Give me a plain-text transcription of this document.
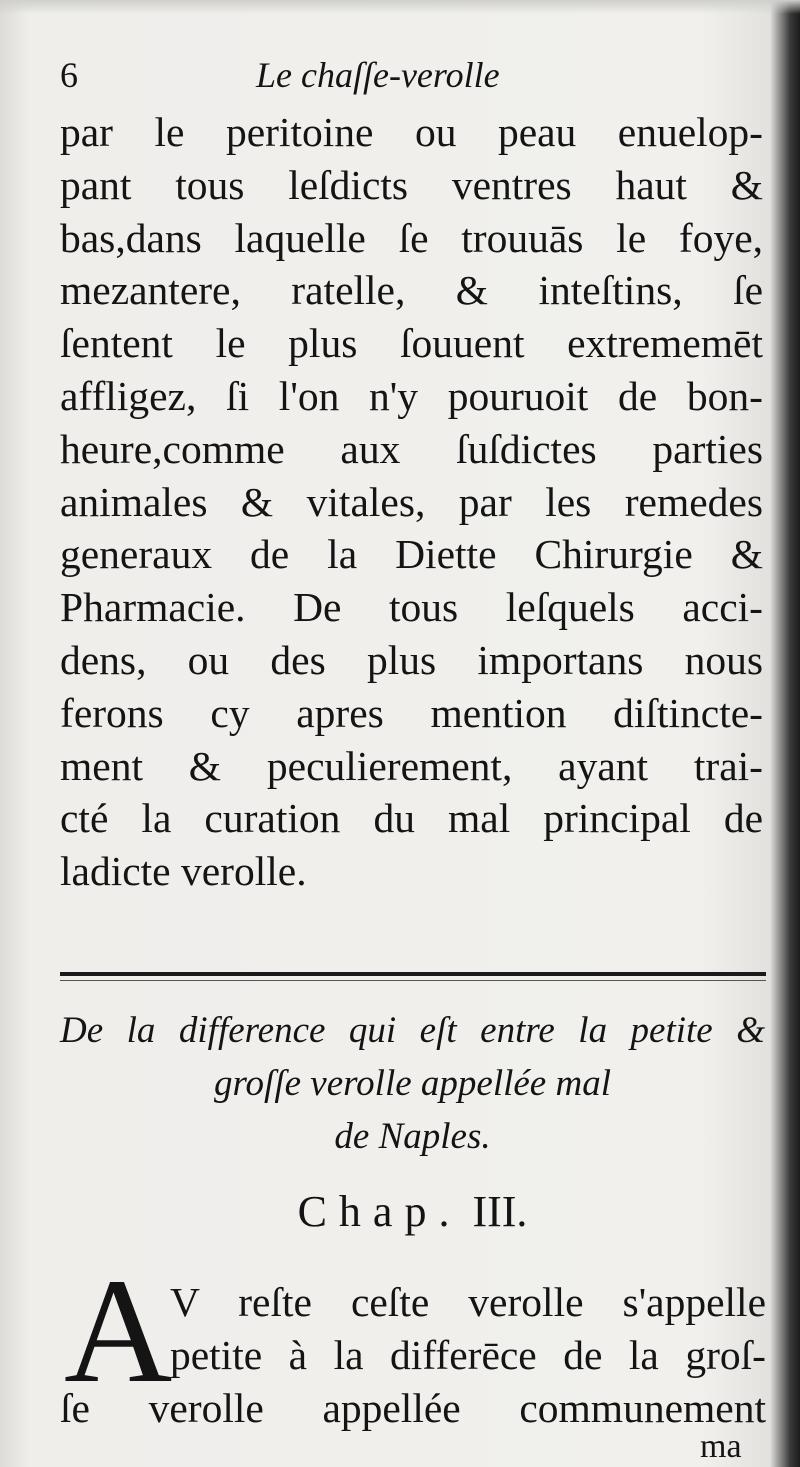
6	Le chaſſe-verolle
par le peritoine ou peau enuelop-
pant tous leſdicts ventres haut &
bas,dans laquelle ſe trouuās le foye,
mezantere, ratelle, & inteſtins, ſe
ſentent le plus ſouuent extrememēt
affligez, ſi l'on n'y pouruoit de bon-
heure,comme aux ſuſdictes parties
animales & vitales, par les remedes
generaux de la Diette Chirurgie &
Pharmacie. De tous leſquels acci-
dens, ou des plus importans nous
ferons cy apres mention diſtincte-
ment & peculierement, ayant trai-
cté la curation du mal principal de
ladicte verolle.
De la difference qui eſt entre la petite &
groſſe verolle appellée mal
de Naples.
Chap. III.
A
V reſte ceſte verolle s'appelle
petite à la differēce de la groſ-
ſe verolle appellée communement
ma
